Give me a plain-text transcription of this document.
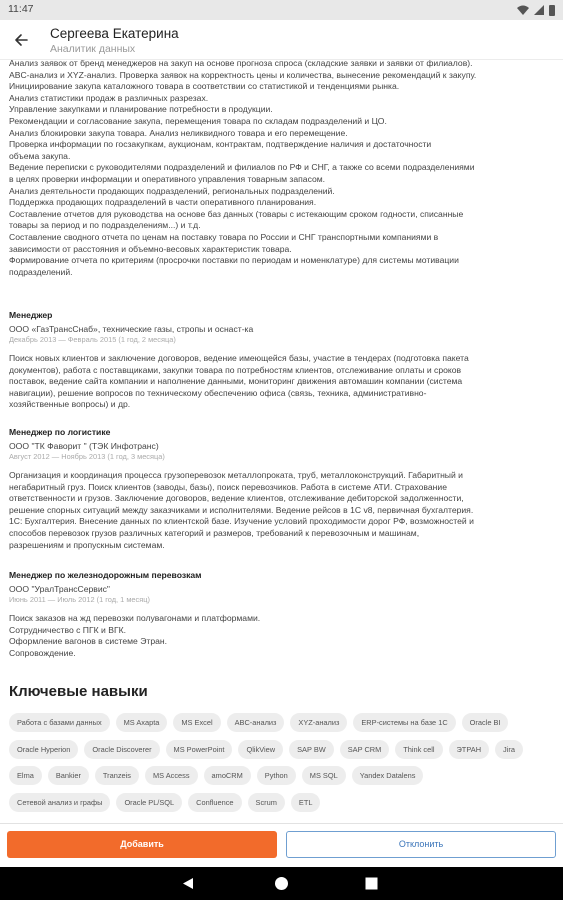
11:47
Сергеева Екатерина
Аналитик данных

Анализ заявок от бренд менеджеров на закуп на основе прогноза спроса (складские заявки и заявки от филиалов).

ABC-анализ и XYZ-анализ. Проверка заявок на корректность цены и количества, вынесение рекомендаций к закупу.

Инициирование закупа каталожного товара в соответствии со статистикой и тенденциями рынка.

Анализ статистики продаж в различных разрезах.

Управление закупками и планирование потребности в продукции.

Рекомендации и согласование закупа, перемещения товара по складам подразделений и ЦО.

Анализ блокировки закупа товара. Анализ неликвидного товара и его перемещение.

Проверка информации по госзакупкам, аукционам, контрактам, подтверждение наличия и достаточности

объема закупа.

Ведение переписки с руководителями подразделений и филиалов по РФ и СНГ, а также со всеми подразделениями

в целях проверки информации и оперативного управления товарным запасом.

Анализ деятельности продающих подразделений, региональных подразделений.

Поддержка продающих подразделений в части оперативного планирования.

Составление отчетов для руководства на основе баз данных (товары с истекающим сроком годности, списанные

товары за период и по подразделениям...) и т.д.

Составление сводного отчета по ценам на поставку товара по России и СНГ транспортными компаниями в

зависимости от расстояния и объемно-весовых характеристик товара.

Формирование отчета по критериям (просрочки поставки по периодам и номенклатуре) для системы мотивации

подразделений.

Менеджер
ООО «ГазТрансСнаб», технические газы, стропы и оснаст-ка
Декабрь 2013 — Февраль 2015 (1 год, 2 месяца)

Поиск новых клиентов и заключение договоров, ведение имеющейся базы, участие в тендерах (подготовка пакета

документов), работа с поставщиками, закупки товара по потребностям клиентов, отслеживание оплаты и сроков

поставок, ведение сайта компании и наполнение данными, мониторинг движения автомашин компании (система

навигации), решение вопросов по техническому обеспечению офиса (связь, техника, административно-

хозяйственные вопросы) и др.

Менеджер по логистике
ООО "ТК Фаворит " (ТЭК Инфотранс)
Август 2012 — Ноябрь 2013 (1 год, 3 месяца)

Организация и координация процесса грузоперевозок металлопроката, труб, металлоконструкций. Габаритный и

негабаритный груз. Поиск клиентов (заводы, базы), поиск перевозчиков. Работа в системе АТИ. Страхование

ответственности и грузов. Заключение договоров, ведение клиентов, отслеживание дебиторской задолженности,

решение спорных ситуаций между заказчиками и исполнителями. Ведение рейсов в 1С v8, первичная бухгалтерия.

1С: Бухгалтерия. Внесение данных по клиентской базе. Изучение условий проходимости дорог РФ, возможностей и

способов перевозок грузов различных категорий и размеров, требований к перевозочным и машинам,

разрешениям и пропускным системам.

Менеджер по железнодорожным перевозкам
ООО "УралТрансСервис"
Июнь 2011 — Июль 2012 (1 год, 1 месяц)

Поиск заказов на жд перевозки полувагонами и платформами.

Сотрудничество с ПГК и ВГК.

Оформление вагонов в системе Этран.

Сопровождение.

Ключевые навыки
Работа с базами данных	MS Axapta	MS Excel	ABC-анализ	XYZ-анализ	ERP-системы на базе 1С	Oracle BI
Oracle Hyperion	Oracle Discoverer	MS PowerPoint	QlikView	SAP BW	SAP CRM	Think cell	ЭТРАН	Jira
Elma	Bankier	Tranzeis	MS Access	amoCRM	Python	MS SQL	Yandex Datalens
Сетевой анализ и графы	Oracle PL/SQL	Confluence	Scrum	ETL
Добавить	Отклонить
